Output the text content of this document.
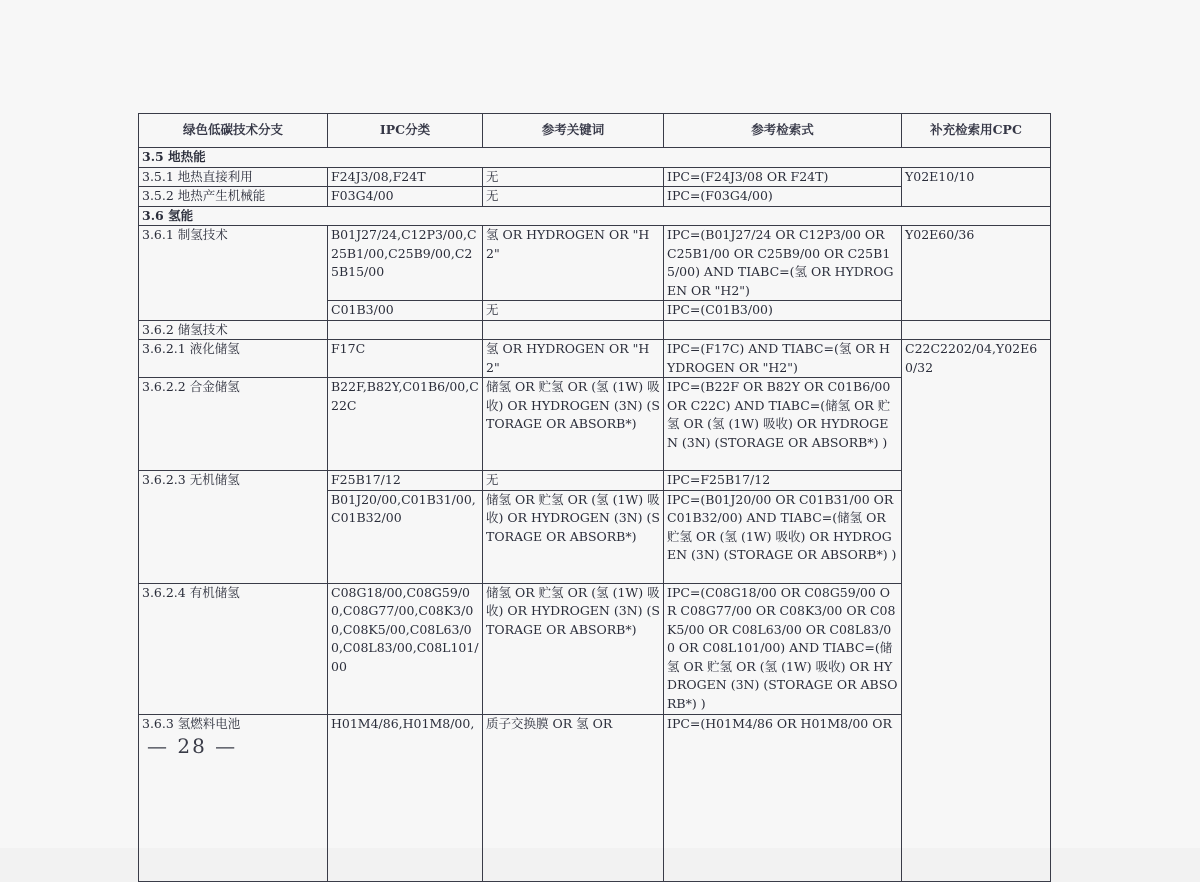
绿色低碳技术分支	IPC分类	参考关键词	参考检索式	补充检索用CPC	
3.5 地热能					
3.5.1 地热直接利用	F24J3/08,F24T	无	IPC=(F24J3/08 OR F24T)	Y02E10/10	
3.5.2 地热产生机械能	F03G4/00	无	IPC=(F03G4/00)		
3.6 氢能					
3.6.1 制氢技术	B01J27/24,C12P3/00,C25B1/00,C25B9/00,C25B15/00	氢 OR HYDROGEN OR "H2"	IPC=(B01J27/24 OR C12P3/00 OR C25B1/00 OR C25B9/00 OR C25B15/00) AND TIABC=(氢 OR HYDROGEN OR "H2")	Y02E60/36	
	C01B3/00	无	IPC=(C01B3/00)		
3.6.2 储氢技术					
3.6.2.1 液化储氢	F17C	氢 OR HYDROGEN OR "H2"	IPC=(F17C) AND TIABC=(氢 OR HYDROGEN OR "H2")	C22C2202/04,Y02E60/32	
3.6.2.2 合金储氢	B22F,B82Y,C01B6/00,C22C	储氢 OR 贮氢 OR (氢 (1W) 吸收) OR HYDROGEN (3N) (STORAGE OR ABSORB*)	IPC=(B22F OR B82Y OR C01B6/00 OR C22C) AND TIABC=(储氢 OR 贮氢 OR (氢 (1W) 吸收) OR HYDROGEN (3N) (STORAGE OR ABSORB*) )		
3.6.2.3 无机储氢	F25B17/12	无	IPC=F25B17/12		
	B01J20/00,C01B31/00,C01B32/00	储氢 OR 贮氢 OR (氢 (1W) 吸收) OR HYDROGEN (3N) (STORAGE OR ABSORB*)	IPC=(B01J20/00 OR C01B31/00 OR C01B32/00) AND TIABC=(储氢 OR 贮氢 OR (氢 (1W) 吸收) OR HYDROGEN (3N) (STORAGE OR ABSORB*) )		
3.6.2.4 有机储氢	C08G18/00,C08G59/00,C08G77/00,C08K3/00,C08K5/00,C08L63/00,C08L83/00,C08L101/00	储氢 OR 贮氢 OR (氢 (1W) 吸收) OR HYDROGEN (3N) (STORAGE OR ABSORB*)	IPC=(C08G18/00 OR C08G59/00 OR C08G77/00 OR C08K3/00 OR C08K5/00 OR C08L63/00 OR C08L83/00 OR C08L101/00) AND TIABC=(储氢 OR 贮氢 OR (氢 (1W) 吸收) OR HYDROGEN (3N) (STORAGE OR ABSORB*) )		
3.6.3 氢燃料电池	H01M4/86,H01M8/00,	质子交换膜 OR 氢 OR	IPC=(H01M4/86 OR H01M8/00 OR	
— 28 —
